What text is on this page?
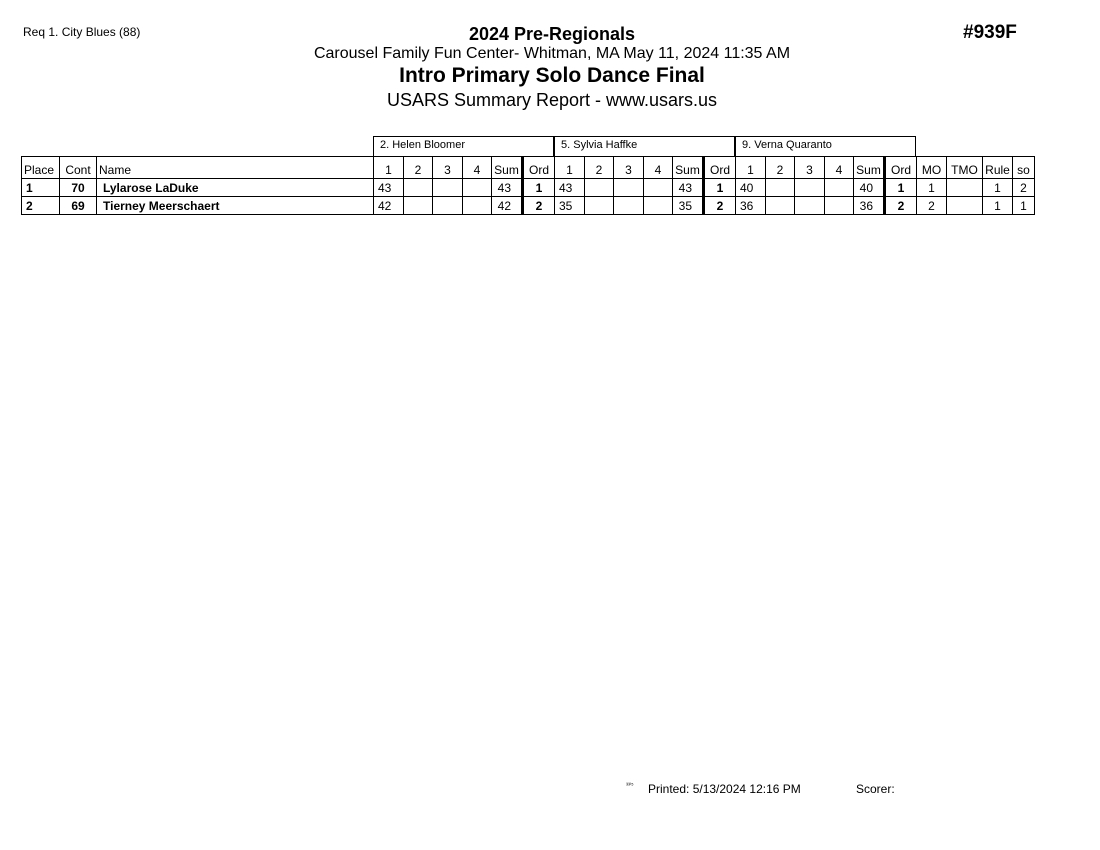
Req 1. City Blues (88)	#939F
2024 Pre-Regionals
Carousel Family Fun Center- Whitman, MA May 11, 2024 11:35 AM
Intro Primary Solo Dance Final
USARS Summary Report - www.usars.us
2. Helen Bloomer	5. Sylvia Haffke	9. Verna Quaranto
Place	Cont	Name	1	2	3	4	Sum	Ord	1	2	3	4	Sum	Ord	1	2	3	4	Sum	Ord	MO	TMO	Rule	so
1	70	Lylarose LaDuke	43				43	1	43				43	1	40				40	1	1		1	2
2	69	Tierney Meerschaert	42				42	2	35				35	2	36				36	2	2		1	1
³³ⁱ⁵ Printed: 5/13/2024 12:16 PM	Scorer:
